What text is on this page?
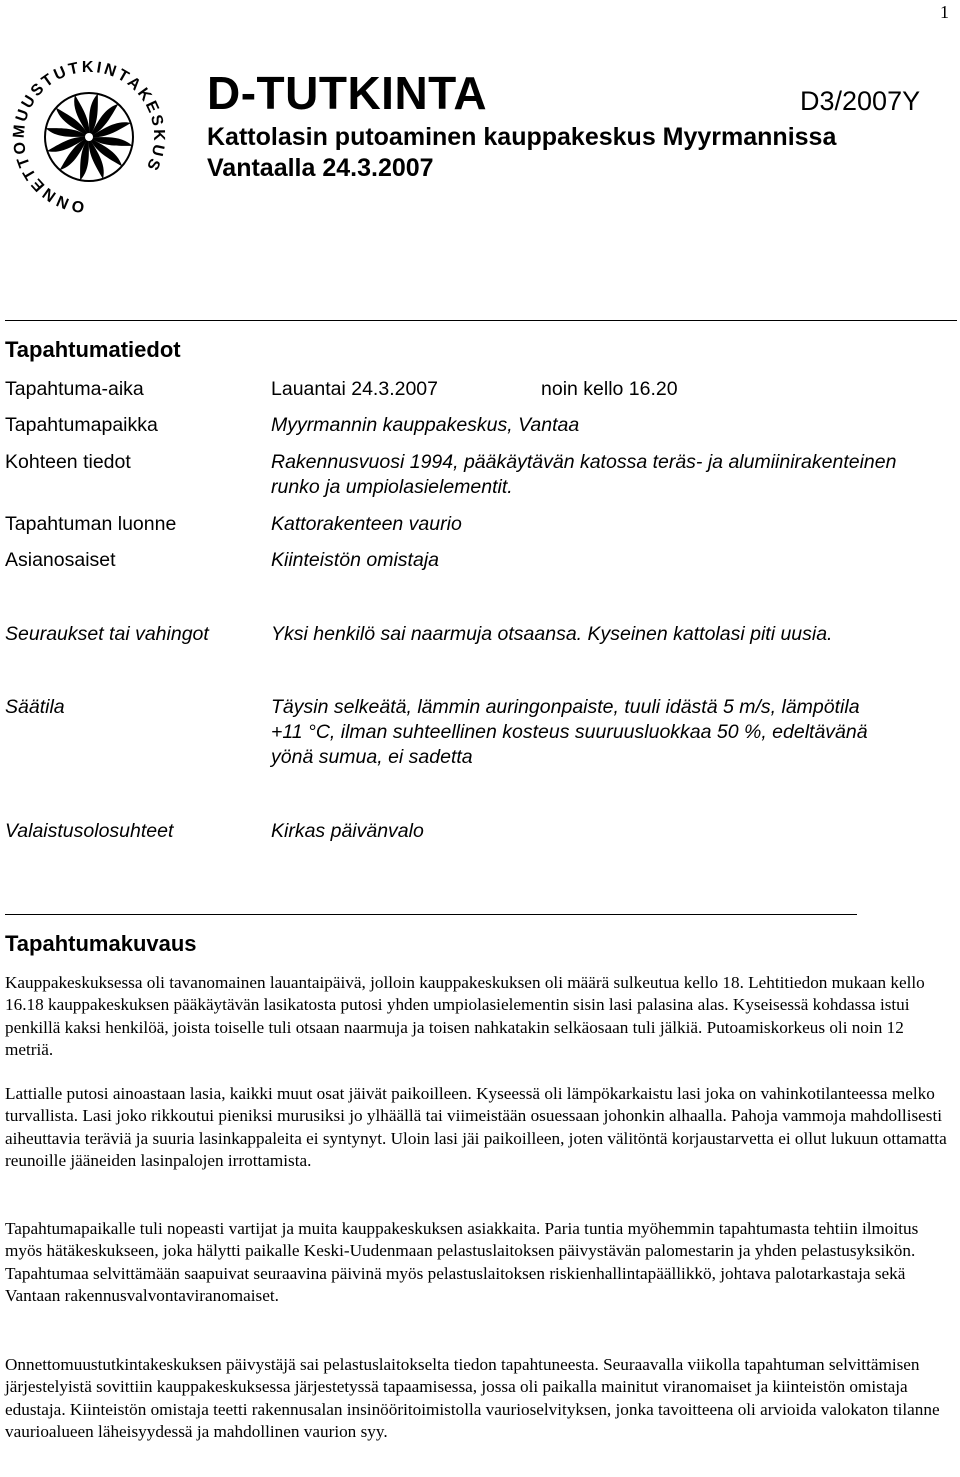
1
ONNETTOMUUSTUTKINTAKESKUS
D-TUTKINTA	D3/2007Y
Kattolasin putoaminen kauppakeskus Myyrmannissa
Vantaalla 24.3.2007
Tapahtumatiedot
Tapahtuma-aika	Lauantai 24.3.2007	noin kello 16.20
Tapahtumapaikka	Myyrmannin kauppakeskus, Vantaa
Kohteen tiedot	Rakennusvuosi 1994, pääkäytävän katossa teräs- ja alumiinirakenteinen
runko ja umpiolasielementit.
Tapahtuman luonne	Kattorakenteen vaurio
Asianosaiset	Kiinteistön omistaja
Seuraukset tai vahingot	Yksi henkilö sai naarmuja otsaansa. Kyseinen kattolasi piti uusia.
Säätila	Täysin selkeätä, lämmin auringonpaiste, tuuli idästä 5 m/s, lämpötila
+11 °C, ilman suhteellinen kosteus suuruusluokkaa 50 %, edeltävänä
yönä sumua, ei sadetta
Valaistusolosuhteet	Kirkas päivänvalo
Tapahtumakuvaus

Kauppakeskuksessa oli tavanomainen lauantaipäivä, jolloin kauppakeskuksen oli määrä sulkeutua kello 18. Lehtitiedon mukaan kello 16.18 kauppakeskuksen pääkäytävän lasikatosta putosi yhden umpiolasielementin sisin lasi palasina alas. Kyseisessä kohdassa istui penkillä kaksi henkilöä, joista toiselle tuli otsaan naarmuja ja toisen nahkatakin selkäosaan tuli jälkiä. Putoamiskorkeus oli noin 12 metriä.

Lattialle putosi ainoastaan lasia, kaikki muut osat jäivät paikoilleen. Kyseessä oli lämpökarkaistu lasi joka on vahinkotilanteessa melko turvallista. Lasi joko rikkoutui pieniksi murusiksi jo ylhäällä tai viimeistään osuessaan johonkin alhaalla. Pahoja vammoja mahdollisesti aiheuttavia teräviä ja suuria lasinkappaleita ei syntynyt. Uloin lasi jäi paikoilleen, joten välitöntä korjaustarvetta ei ollut lukuun ottamatta reunoille jääneiden lasinpalojen irrottamista.

Tapahtumapaikalle tuli nopeasti vartijat ja muita kauppakeskuksen asiakkaita. Paria tuntia myöhemmin tapahtumasta tehtiin ilmoitus myös hätäkeskukseen, joka hälytti paikalle Keski-Uudenmaan pelastuslaitoksen päivystävän palomestarin ja yhden pelastusyksikön. Tapahtumaa selvittämään saapuivat seuraavina päivinä myös pelastuslaitoksen riskienhallintapäällikkö, johtava palotarkastaja sekä Vantaan rakennusvalvontaviranomaiset.

Onnettomuustutkintakeskuksen päivystäjä sai pelastuslaitokselta tiedon tapahtuneesta. Seuraavalla viikolla tapahtuman selvittämisen järjestelyistä sovittiin kauppakeskuksessa järjestetyssä tapaamisessa, jossa oli paikalla mainitut viranomaiset ja kiinteistön omistaja edustaja. Kiinteistön omistaja teetti rakennusalan insinööritoimistolla vaurioselvityksen, jonka tavoitteena oli arvioida valokaton tilanne vaurioalueen läheisyydessä ja mahdollinen vaurion syy.
